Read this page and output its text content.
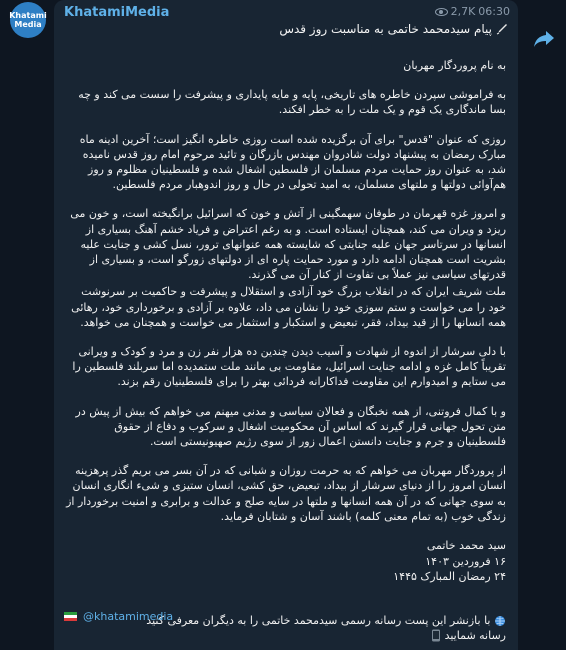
Khatami
Media
KhatamiMedia	2,7K 06:30
پیام سیدمحمد خاتمی به مناسبت روز قدس

به نام پروردگار مهربان

به فراموشی سپردن خاطره های تاریخی، پایه و مایه پایداری و پیشرفت را سست می کند و چه بسا ماندگاری یک قوم و یک ملت را به خطر افکند.

روزی که عنوان "قدس" برای آن برگزیده شده است روزی خاطره انگیز است؛ آخرین ادینه ماه مبارک رمضان به پیشنهاد دولت شادروان مهندس بازرگان و تائید مرحوم امام روز قدس نامیده شد، به عنوان روز حمایت مردم مسلمان از فلسطین اشغال شده و فلسطینیان مظلوم و روز هم‌آوائی دولتها و ملتهای مسلمان، به امید تحولی در حال و روز اندوهبار مردم فلسطین.

و امروز غزه قهرمان در طوفان سهمگینی از آتش و خون که اسرائیل برانگیخته است، و خون می ریزد و ویران می کند، همچنان ایستاده است. و به رغم اعتراض و فریاد خشم آهنگ بسیاری از انسانها در سرتاسر جهان علیه جنایتی که شایسته همه عنوانهای ترور، نسل کشی و جنایت علیه بشریت است همچنان ادامه دارد و مورد حمایت پاره ای از دولتهای زورگو است، و بسیاری از قدرتهای سیاسی نیز عملاً بی تفاوت از کنار آن می گذرند.

ملت شریف ایران که در انقلاب بزرگ خود آزادی و استقلال و پیشرفت و حاکمیت بر سرنوشت خود را می خواست و ستم سوزی خود را نشان می داد، علاوه بر آزادی و برخورداری خود، رهائی همه انسانها را از قید بیداد، فقر، تبعیض و استکبار و استثمار می خواست و همچنان می خواهد.

با دلی سرشار از اندوه از شهادت و آسیب دیدن چندین ده هزار نفر زن و مرد و کودک و ویرانی تقریباً کامل غزه و ادامه جنایت اسرائیل، مقاومت بی مانند ملت ستمدیده اما سربلند فلسطین را می ستایم و امیدوارم این مقاومت فداکارانه فردائی بهتر را برای فلسطینیان رقم بزند.

و با کمال فروتنی، از همه نخبگان و فعالان سیاسی و مدنی میهنم می خواهم که بیش از پیش در متن تحول جهانی قرار گیرند که اساس آن محکومیت اشغال و سرکوب و دفاع از حقوق فلسطینیان و جرم و جنایت دانستن اعمال زور از سوی رژیم صهیونیستی است.

از پروردگار مهربان می خواهم که به حرمت روزان و شبانی که در آن بسر می بریم گذر پرهزینه انسان امروز را از دنیای سرشار از بیداد، تبعیض، حق کشی، انسان ستیزی و شیء انگاری انسان به سوی جهانی که در آن همه انسانها و ملتها در سایه صلح و عدالت و برابری و امنیت برخوردار از زندگی خوب (به تمام معنی کلمه) باشند آسان و شتابان فرماید.

سید محمد خاتمی
۱۶ فروردین ۱۴۰۳
۲۴ رمضان المبارک ۱۴۴۵
با بازنشر این پست رسانه رسمی سیدمحمد خاتمی را به دیگران معرفی کنید
رسانه شمایید
@khatamimedia
